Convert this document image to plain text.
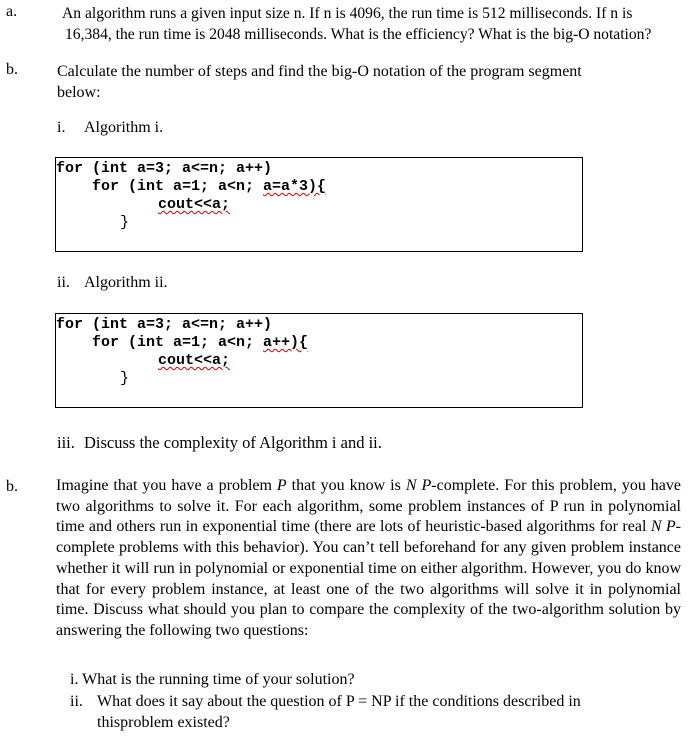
a.	An algorithm runs a given input size n. If n is 4096, the run time is 512 milliseconds. If n is
16,384, the run time is 2048 milliseconds. What is the efficiency? What is the big-O notation?
b. Calculate the number of steps and find the big-O notation of the program segment
below:
i. Algorithm i.

for (int a=3; a<=n; a++)

for (int a=1; a<n; a=a*3){

cout<<a;

}

ii. Algorithm ii.

for (int a=3; a<=n; a++)

for (int a=1; a<n; a++){

cout<<a;

}

iii. Discuss the complexity of Algorithm i and ii.
b. Imagine that you have a problem P that you know is N P-complete. For this problem, you have two algorithms to solve it. For each algorithm, some problem instances of P run in polynomial time and others run in exponential time (there are lots of heuristic-based algorithms for real N P-complete problems with this behavior). You can’t tell beforehand for any given problem instance whether it will run in polynomial or exponential time on either algorithm. However, you do know that for every problem instance, at least one of the two algorithms will solve it in polynomial time. Discuss what should you plan to compare the complexity of the two-algorithm solution by answering the following two questions:
i. What is the running time of your solution?
ii. What does it say about the question of P = NP if the conditions described in
thisproblem existed?
